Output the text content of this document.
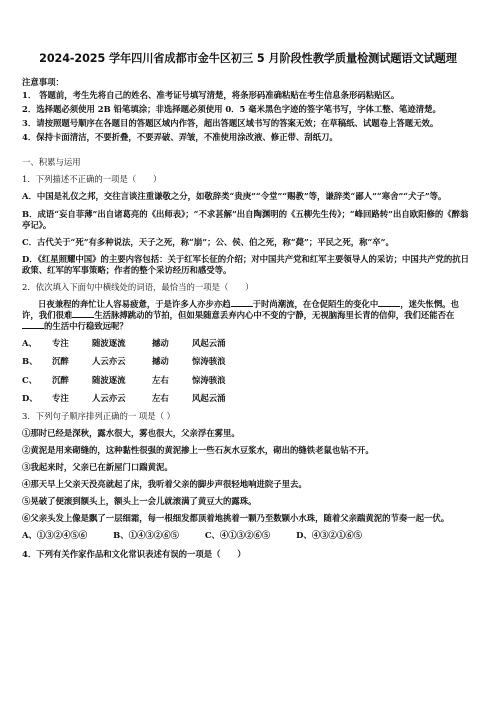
2024-2025 学年四川省成都市金牛区初三 5 月阶段性教学质量检测试题语文试题理
注意事项：
1． 答题前，考生先将自己的姓名、准考证号填写清楚，将条形码准确粘贴在考生信息条形码粘贴区。
2．选择题必须使用 2B 铅笔填涂；非选择题必须使用 0．5 毫米黑色字迹的签字笔书写，字体工整、笔迹清楚。
3．请按照题号顺序在各题目的答题区域内作答，超出答题区域书写的答案无效；在草稿纸、试题卷上答题无效。
4．保持卡面清洁，不要折叠，不要弄破、弄皱，不准使用涂改液、修正带、刮纸刀。
一、积累与运用
1．下列描述不正确的一项是（　　）
A．中国是礼仪之邦，交往言谈注重谦敬之分，如敬辞类“贵庚”“令堂”“赐教”等，谦辞类“鄙人”“寒舍”“犬子”等。
B．成语“妄自菲薄”出自诸葛亮的《出师表》；“不求甚解”出自陶渊明的《五柳先生传》；“峰回路转”出自欧阳修的《醉翁亭记》。
C．古代关于“死”有多种说法，天子之死，称“崩”；公、侯、伯之死，称“薨”；平民之死，称“卒”。
D．《红星照耀中国》的主要内容包括：关于红军长征的介绍；对中国共产党和红军主要领导人的采访；中国共产党的抗日政策、红军的军事策略；作者的整个采访经历和感受等。
2．依次填入下面句中横线处的词语，最恰当的一项是（　　）
日夜兼程的奔忙让人容易疲惫，于是许多人亦步亦趋	于时尚潮流，在仓促陌生的变化中	，迷失怅惘。也许，我们很难	生活脉搏跳动的节拍，但如果随意丢弃内心中不变的宁静，无视脑海里长青的信仰，我们还能否在的生活中行稳致远呢？
A、	专注	随波逐流	撼动	风起云涌
B、	沉醉	人云亦云	撼动	惊涛骇浪
C、	沉醉	随波逐流	左右	惊涛骇浪
D、	专注	人云亦云	左右	风起云涌
3．下列句子顺序排列正确的一 项是（ ）
①那时已经是深秋，露水很大，雾也很大，父亲浮在雾里。
②黄泥是用来砌缝的，这种黏性很强的黄泥掺上一些石灰水豆浆水，砌出的缝铁老鼠也钻不开。
③我起来时，父亲已在新屋门口踹黄泥。
④那天早上父亲天没亮就起了床，我听着父亲的脚步声很轻地响进院子里去。
⑤晃破了便滚到额头上，额头上一会儿就滚满了黄豆大的露珠。
⑥父亲头发上像是飘了一层细霜，每一根细发都顶着地挑着一颗乃至数颗小水珠，随着父亲踹黄泥的节奏一起一伏。
A、①③②④⑤⑥	B、①④③②⑥⑤	C、④①③②⑥⑤	D、④③②①⑥⑤
4．下列有关作家作品和文化常识表述有误的一项是（　　）
